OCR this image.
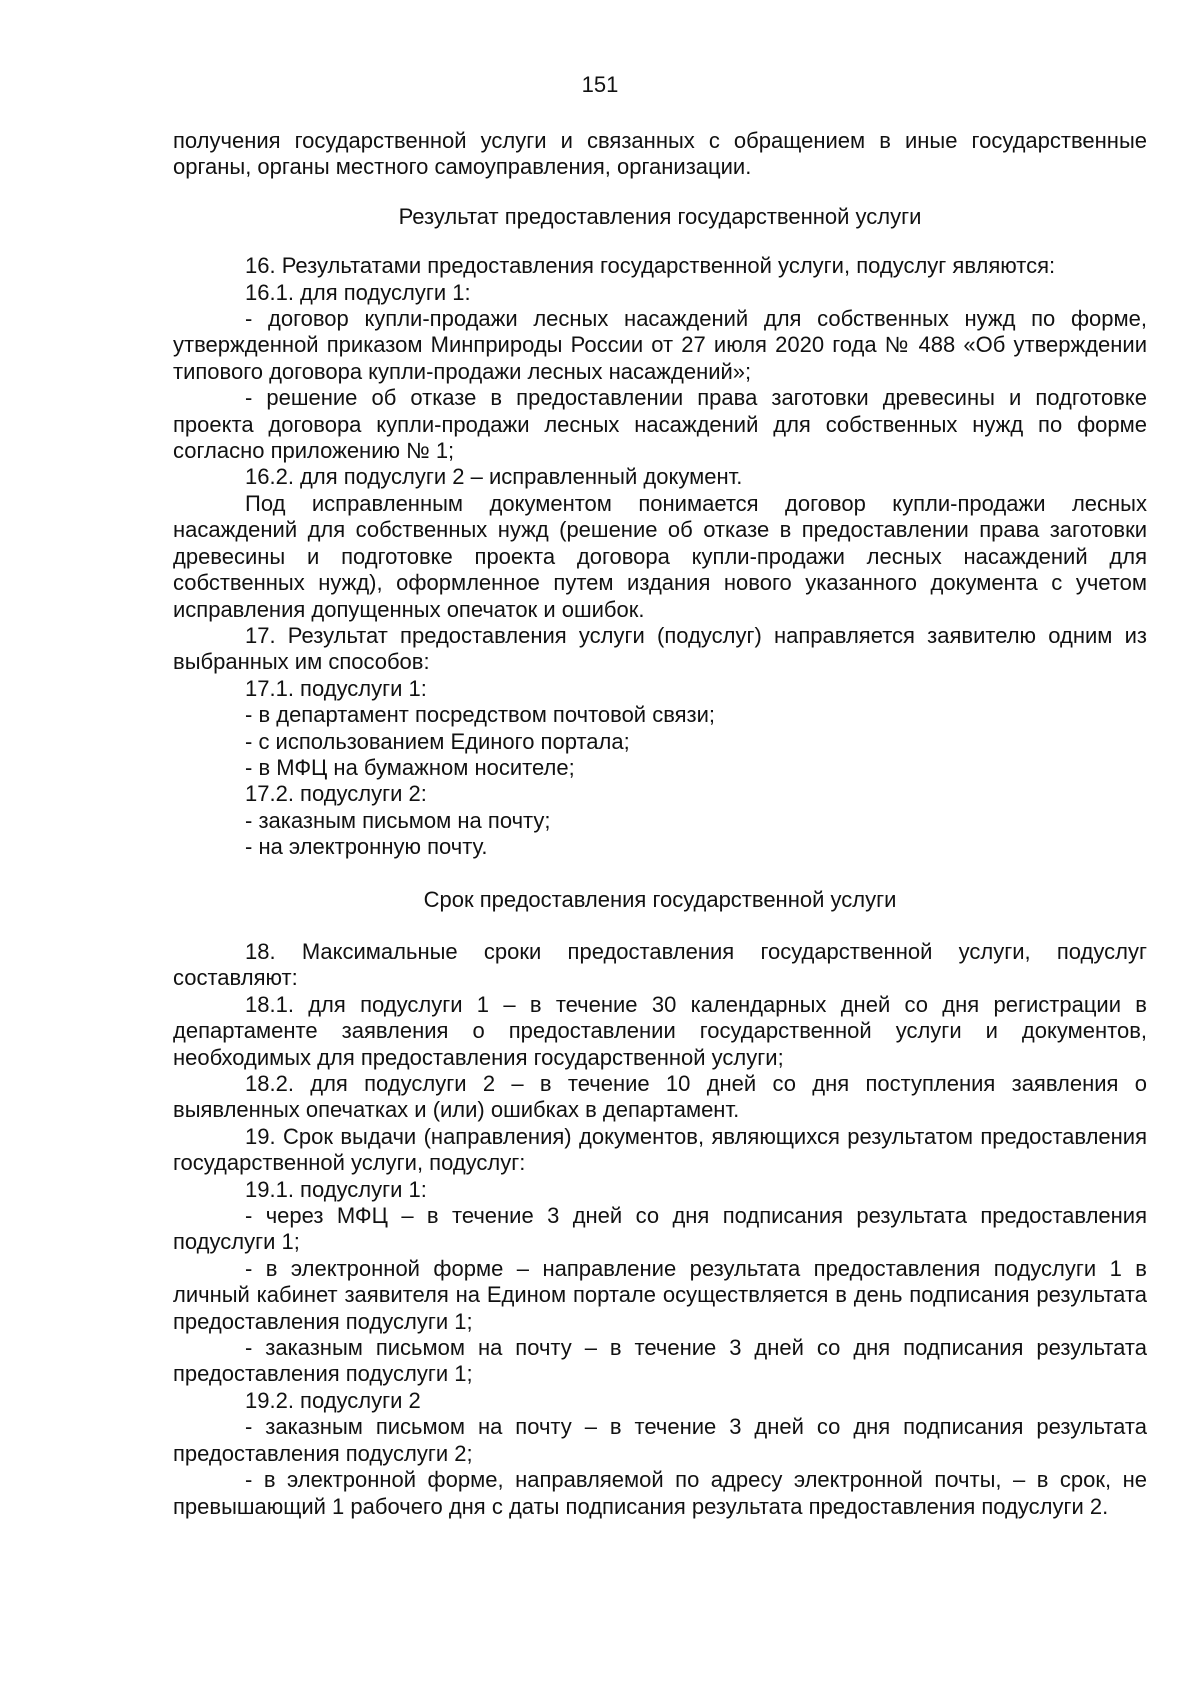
151

получения государственной услуги и связанных с обращением в иные государственные органы, органы местного самоуправления, организации.

Результат предоставления государственной услуги

16. Результатами предоставления государственной услуги, подуслуг являются:

16.1. для подуслуги 1:

- договор купли-продажи лесных насаждений для собственных нужд по форме, утвержденной приказом Минприроды России от 27 июля 2020 года № 488 «Об утверждении типового договора купли-продажи лесных насаждений»;

- решение об отказе в предоставлении права заготовки древесины и подготовке проекта договора купли-продажи лесных насаждений для собственных нужд по форме согласно приложению № 1;

16.2. для подуслуги 2 – исправленный документ.

Под исправленным документом понимается договор купли-продажи лесных насаждений для собственных нужд (решение об отказе в предоставлении права заготовки древесины и подготовке проекта договора купли-продажи лесных насаждений для собственных нужд), оформленное путем издания нового указанного документа с учетом исправления допущенных опечаток и ошибок.

17. Результат предоставления услуги (подуслуг) направляется заявителю одним из выбранных им способов:

17.1. подуслуги 1:

- в департамент посредством почтовой связи;

- с использованием Единого портала;

- в МФЦ на бумажном носителе;

17.2. подуслуги 2:

- заказным письмом на почту;

- на электронную почту.

Срок предоставления государственной услуги

18. Максимальные сроки предоставления государственной услуги, подуслуг составляют:

18.1. для подуслуги 1 – в течение 30 календарных дней со дня регистрации в департаменте заявления о предоставлении государственной услуги и документов, необходимых для предоставления государственной услуги;

18.2. для подуслуги 2 – в течение 10 дней со дня поступления заявления о выявленных опечатках и (или) ошибках в департамент.

19. Срок выдачи (направления) документов, являющихся результатом предоставления государственной услуги, подуслуг:

19.1. подуслуги 1:

- через МФЦ – в течение 3 дней со дня подписания результата предоставления подуслуги 1;

- в электронной форме – направление результата предоставления подуслуги 1 в личный кабинет заявителя на Едином портале осуществляется в день подписания результата предоставления подуслуги 1;

- заказным письмом на почту – в течение 3 дней со дня подписания результата предоставления подуслуги 1;

19.2. подуслуги 2

- заказным письмом на почту – в течение 3 дней со дня подписания результата предоставления подуслуги 2;

- в электронной форме, направляемой по адресу электронной почты, – в срок, не превышающий 1 рабочего дня с даты подписания результата предоставления подуслуги 2.
